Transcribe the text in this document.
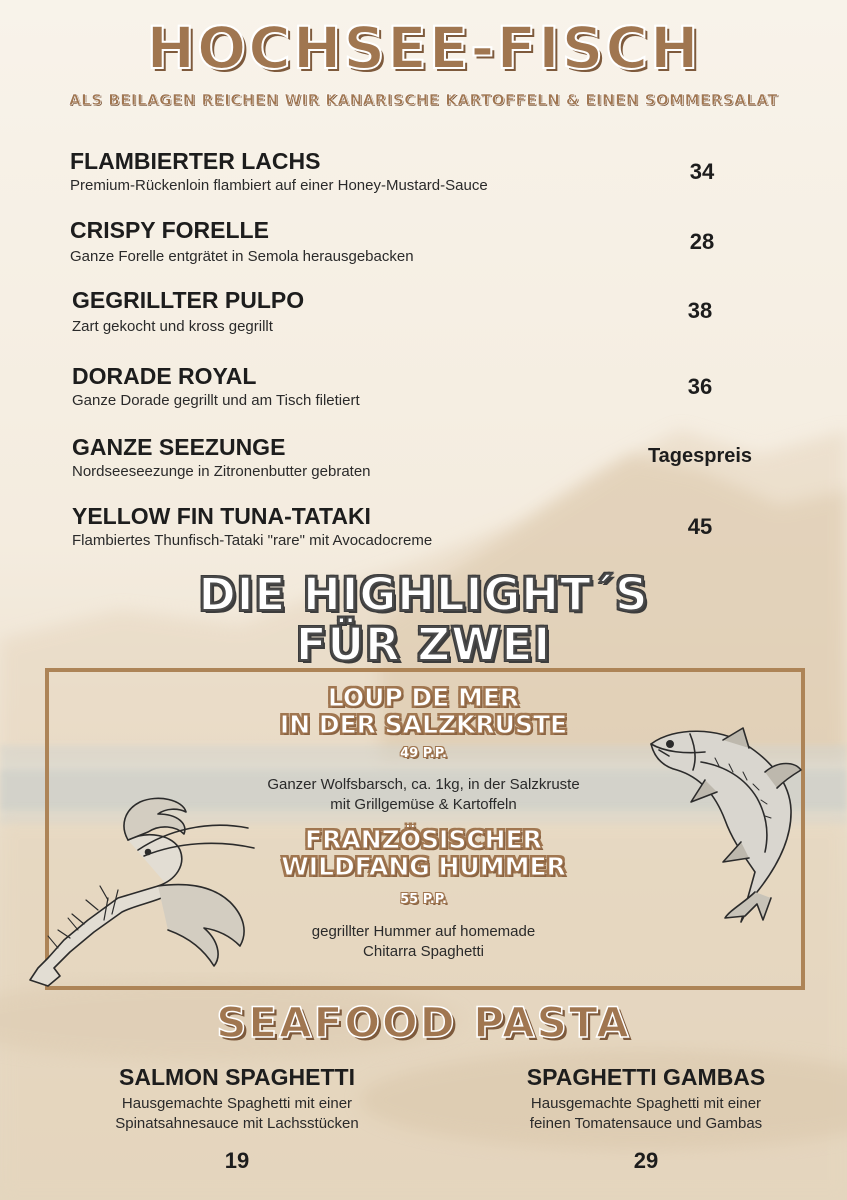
HOCHSEE-FISCH
ALS BEILAGEN REICHEN WIR KANARISCHE KARTOFFELN & EINEN SOMMERSALAT
FLAMBIERTER LACHS
Premium-Rückenloin flambiert auf einer Honey-Mustard-Sauce
34
CRISPY FORELLE
Ganze Forelle entgrätet in Semola herausgebacken
28
GEGRILLTER PULPO
Zart gekocht und kross gegrillt
38
DORADE ROYAL
Ganze Dorade gegrillt und am Tisch filetiert
36
GANZE SEEZUNGE
Nordseeseezunge in Zitronenbutter gebraten
Tagespreis
YELLOW FIN TUNA-TATAKI
Flambiertes Thunfisch-Tataki "rare" mit Avocadocreme
45
DIE HIGHLIGHT´S
FÜR ZWEI
LOUP DE MER
IN DER SALZKRUSTE
49 P.P.
Ganzer Wolfsbarsch, ca. 1kg, in der Salzkruste
mit Grillgemüse & Kartoffeln
FRANZÖSISCHER
WILDFANG HUMMER
55 P.P.
gegrillter Hummer auf homemade
Chitarra Spaghetti
SEAFOOD PASTA
SALMON SPAGHETTI
Hausgemachte Spaghetti mit einer
Spinatsahnesauce mit Lachsstücken
19
SPAGHETTI GAMBAS
Hausgemachte Spaghetti mit einer
feinen Tomatensauce und Gambas
29
